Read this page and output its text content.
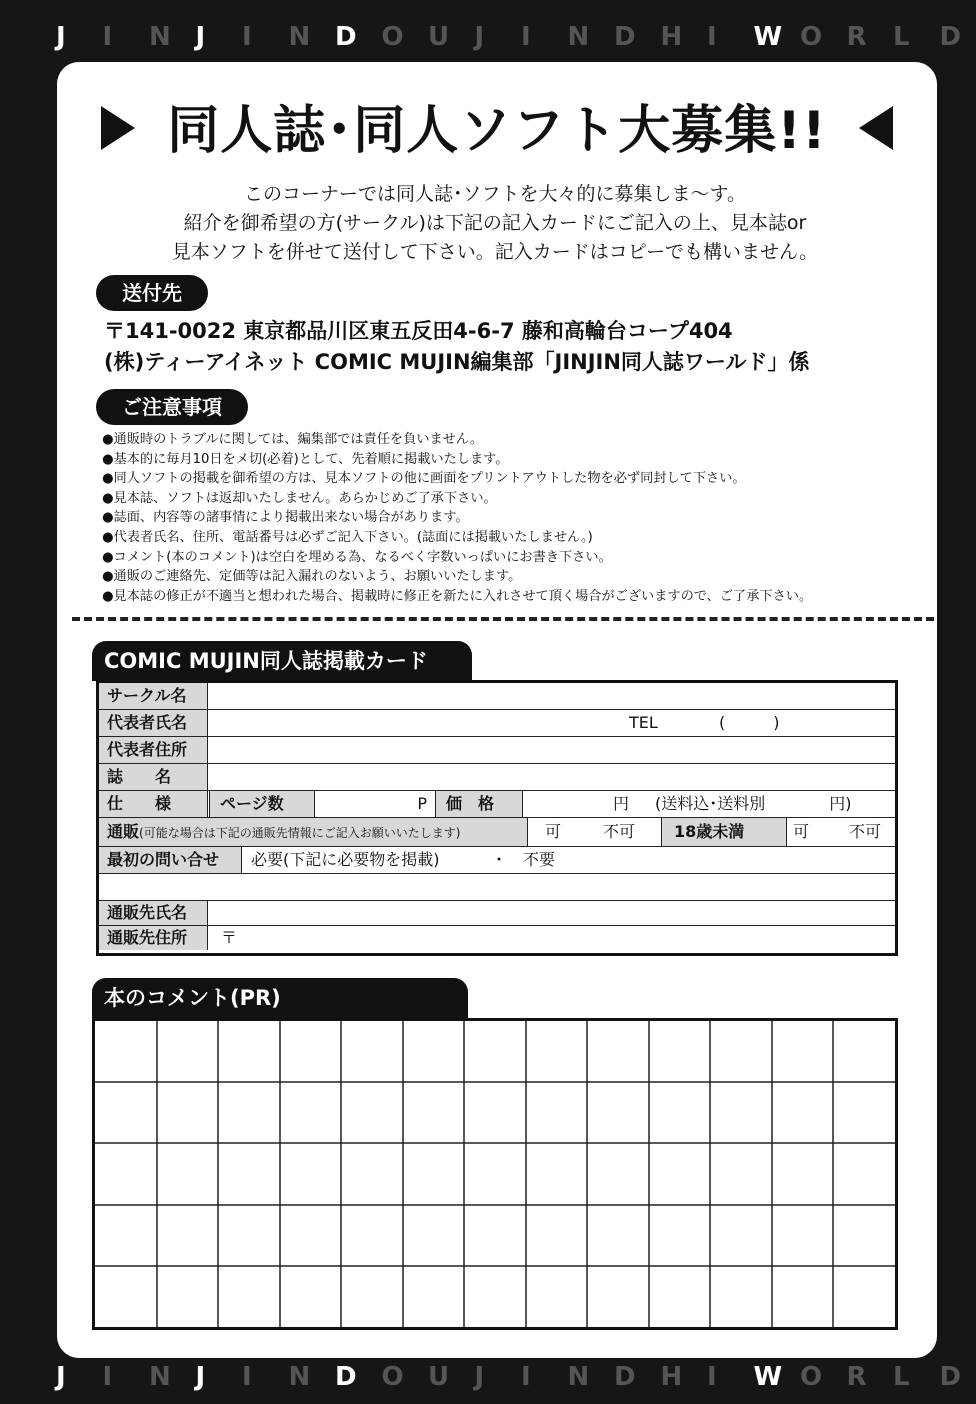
J I N J I N D O U J I N D H I W O R L D
J I N J I N D O U J I N D H I W O R L D
同人誌･同人ソフト大募集!!
このコーナーでは同人誌･ソフトを大々的に募集しま～す。
紹介を御希望の方(サークル)は下記の記入カードにご記入の上、見本誌or
見本ソフトを併せて送付して下さい。記入カードはコピーでも構いません。
送付先
〒141-0022 東京都品川区東五反田4-6-7 藤和高輪台コープ404
(株)ティーアイネット COMIC MUJIN編集部「JINJIN同人誌ワールド」係
ご注意事項
●通販時のトラブルに関しては、編集部では責任を負いません。
●基本的に毎月10日をメ切(必着)として、先着順に掲載いたします。
●同人ソフトの掲載を御希望の方は、見本ソフトの他に画面をプリントアウトした物を必ず同封して下さい。
●見本誌、ソフトは返却いたしません。あらかじめご了承下さい。
●誌面、内容等の諸事情により掲載出来ない場合があります。
●代表者氏名、住所、電話番号は必ずご記入下さい。(誌面には掲載いたしません。)
●コメント(本のコメント)は空白を埋める為、なるべく字数いっぱいにお書き下さい。
●通販のご連絡先、定価等は記入漏れのないよう、お願いいたします。
●見本誌の修正が不適当と想われた場合、掲載時に修正を新たに入れさせて頂く場合がございますので、ご了承下さい。
COMIC MUJIN同人誌掲載カード
サークル名
代表者氏名	TEL	(　　　)
代表者住所
誌　　名
仕　　様	ページ数	P	価　格	円 (送料込･送料別　　　　円)
通販(可能な場合は下記の通販先情報にご記入お願いいたします)	可	不可	18歳未満	可 不可
最初の問い合せ	必要(下記に必要物を掲載)	･ 不要
通販先氏名
通販先住所	〒
本のコメント(PR)
